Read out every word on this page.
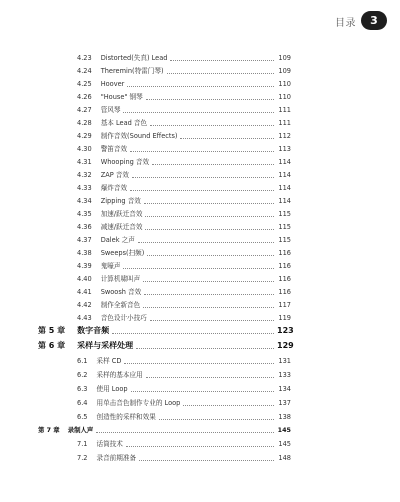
目录	3
4.23	Distorted(失真) Lead	109
4.24	Theremin(特雷门琴)	109
4.25	Hoover	110
4.26	"House" 钢琴	110
4.27	管风琴	111
4.28	基本 Lead 音色	111
4.29	制作音效(Sound Effects)	112
4.30	警笛音效	113
4.31	Whooping 音效	114
4.32	ZAP 音效	114
4.33	爆炸音效	114
4.34	Zipping 音效	114
4.35	加速/跃迁音效	115
4.36	减速/跃迁音效	115
4.37	Dalek 之声	115
4.38	Sweeps(扫频)	116
4.39	鬼嚎声	116
4.40	计算机啸叫声	116
4.41	Swoosh 音效	116
4.42	制作全新音色	117
4.43	音色设计小技巧	119
第 5 章	数字音频	123
第 6 章	采样与采样处理	129
6.1	采样 CD	131
6.2	采样的基本应用	133
6.3	使用 Loop	134
6.4	用单击音色制作专业的 Loop	137
6.5	创造性的采样和效果	138
第 7 章	录制人声	145
7.1	话筒技术	145
7.2	录音前期准备	148
